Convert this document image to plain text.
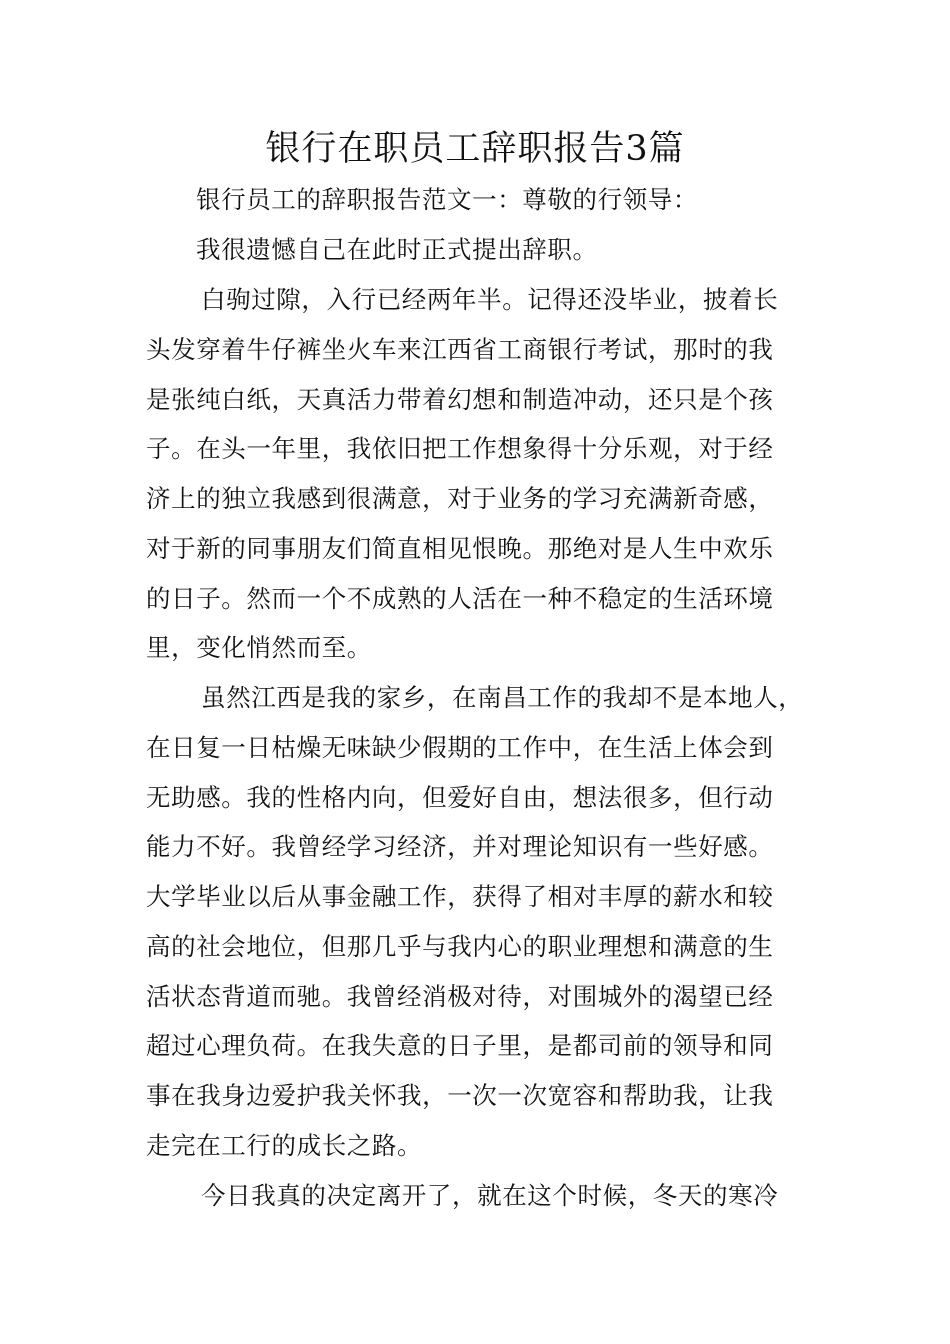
银行在职员工辞职报告3篇
银行员工的辞职报告范文一：尊敬的行领导：
我很遗憾自己在此时正式提出辞职。
白驹过隙，入行已经两年半。记得还没毕业，披着长
头发穿着牛仔裤坐火车来江西省工商银行考试，那时的我
是张纯白纸，天真活力带着幻想和制造冲动，还只是个孩
子。在头一年里，我依旧把工作想象得十分乐观，对于经
济上的独立我感到很满意，对于业务的学习充满新奇感，
对于新的同事朋友们简直相见恨晚。那绝对是人生中欢乐
的日子。然而一个不成熟的人活在一种不稳定的生活环境
里，变化悄然而至。
虽然江西是我的家乡，在南昌工作的我却不是本地人，
在日复一日枯燥无味缺少假期的工作中，在生活上体会到
无助感。我的性格内向，但爱好自由，想法很多，但行动
能力不好。我曾经学习经济，并对理论知识有一些好感。
大学毕业以后从事金融工作，获得了相对丰厚的薪水和较
高的社会地位，但那几乎与我内心的职业理想和满意的生
活状态背道而驰。我曾经消极对待，对围城外的渴望已经
超过心理负荷。在我失意的日子里，是都司前的领导和同
事在我身边爱护我关怀我，一次一次宽容和帮助我，让我
走完在工行的成长之路。
今日我真的决定离开了，就在这个时候，冬天的寒冷
